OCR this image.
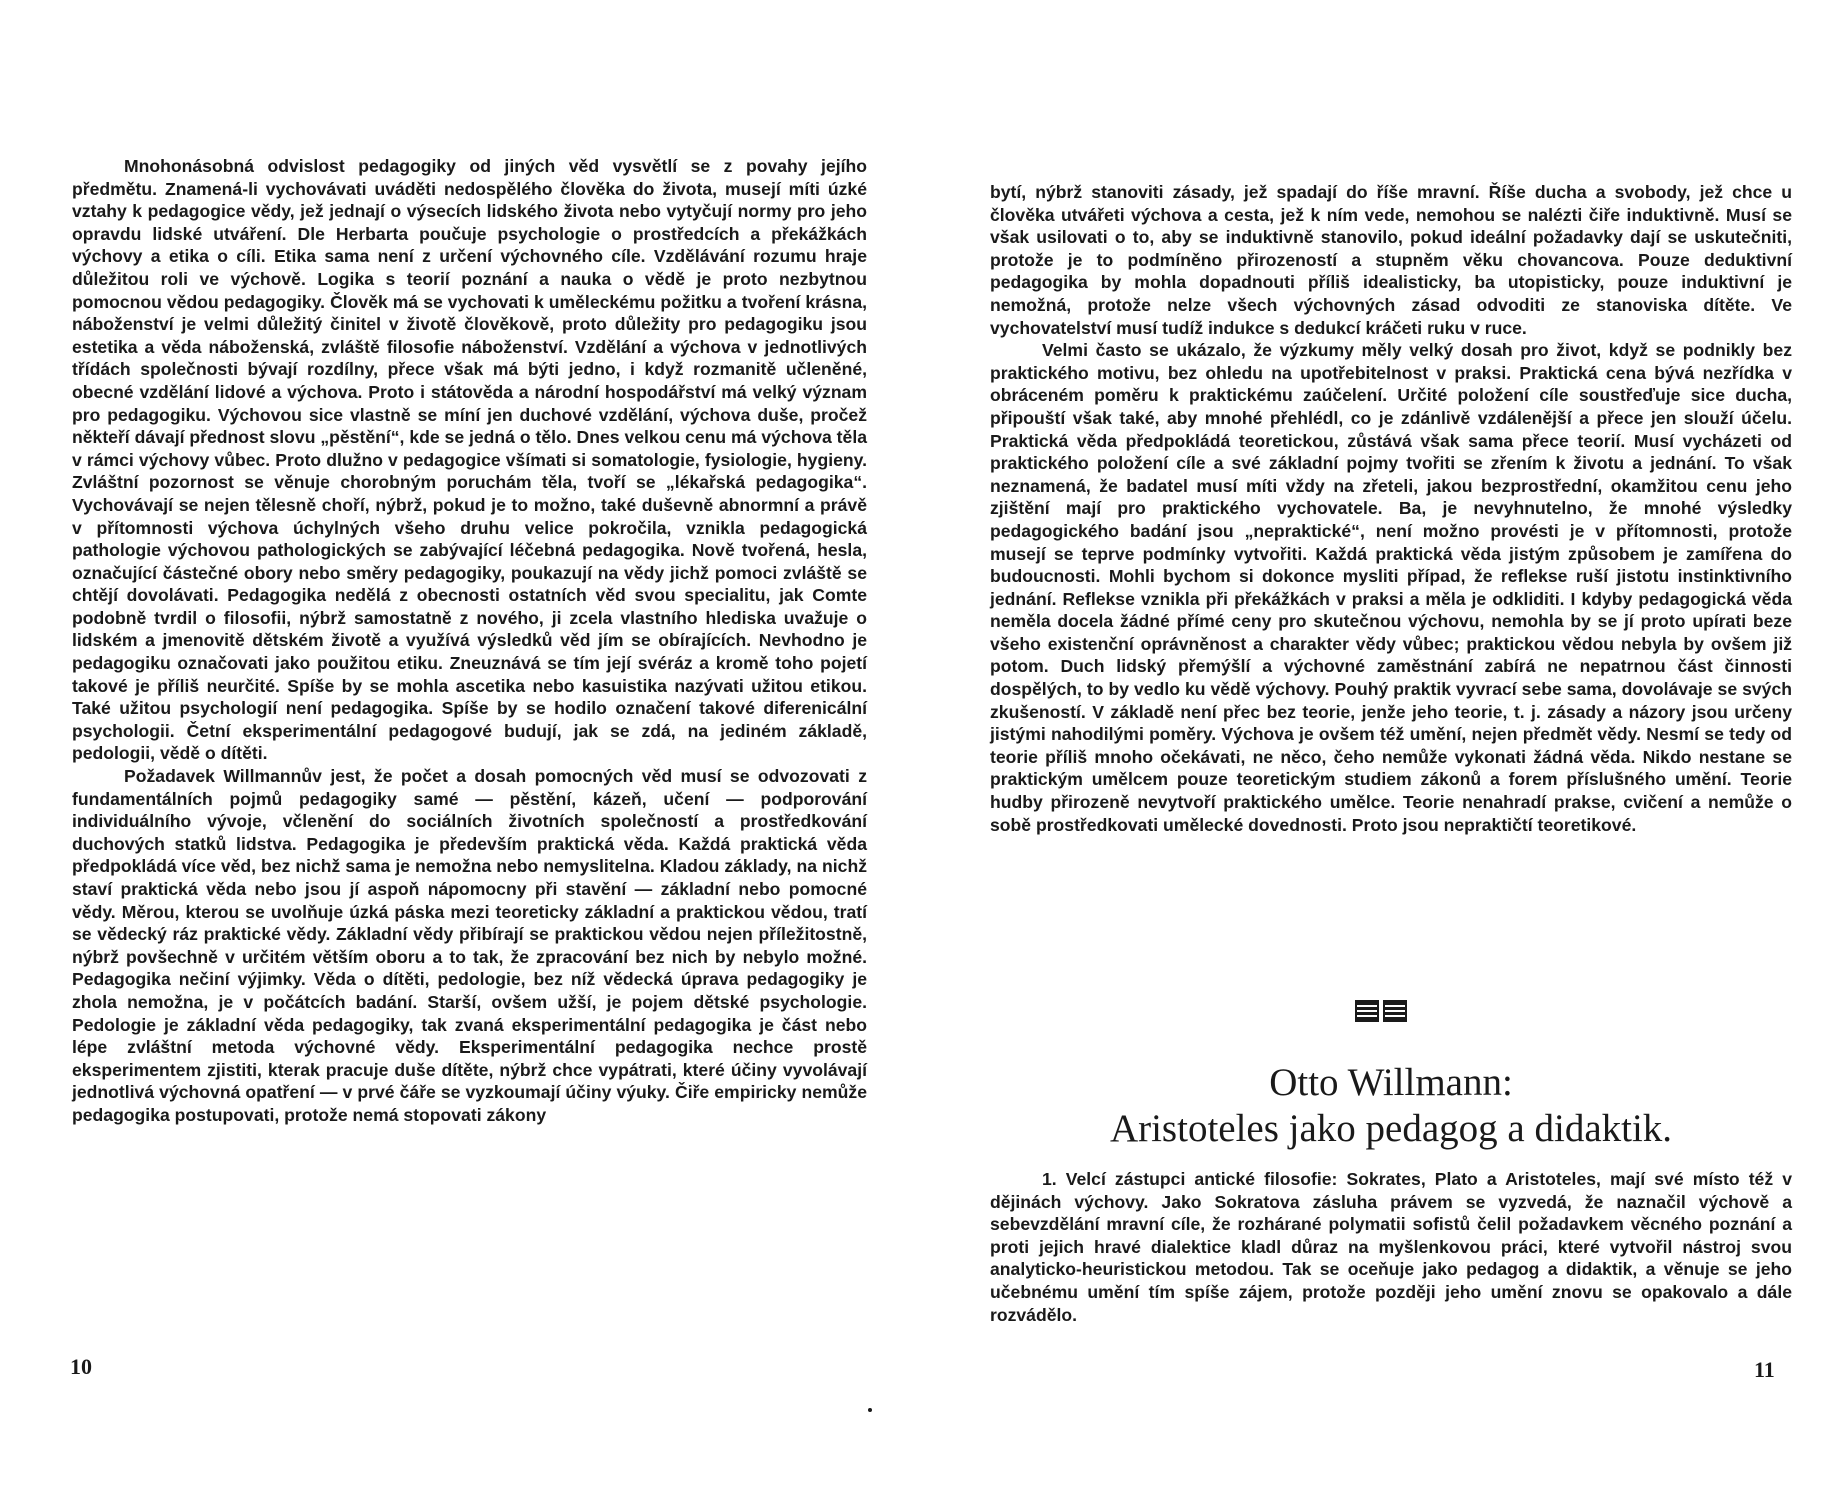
Mnohonásobná odvislost pedagogiky od jiných věd vysvětlí se z povahy jejího předmětu. Znamená-li vychovávati uváděti nedospělého člověka do života, musejí míti úzké vztahy k pedagogice vědy, jež jednají o výsecích lidského života nebo vytyčují normy pro jeho opravdu lidské utváření. Dle Herbarta poučuje psychologie o prostředcích a překážkách výchovy a etika o cíli. Etika sama není z určení výchovného cíle. Vzdělávání rozumu hraje důležitou roli ve výchově. Logika s teorií poznání a nauka o vědě je proto nezbytnou pomocnou vědou pedagogiky. Člověk má se vychovati k uměleckému požitku a tvoření krásna, náboženství je velmi důležitý činitel v životě člověkově, proto důležity pro pedagogiku jsou estetika a věda náboženská, zvláště filosofie náboženství. Vzdělání a výchova v jednotlivých třídách společnosti bývají rozdílny, přece však má býti jedno, i když rozmanitě učleněné, obecné vzdělání lidové a výchova. Proto i státověda a národní hospodářství má velký význam pro pedagogiku. Výchovou sice vlastně se míní jen duchové vzdělání, výchova duše, pročež někteří dávají přednost slovu „pěstění“, kde se jedná o tělo. Dnes velkou cenu má výchova těla v rámci výchovy vůbec. Proto dlužno v pedagogice všímati si somatologie, fysiologie, hygieny. Zvláštní pozornost se věnuje chorobným poruchám těla, tvoří se „lékařská pedagogika“. Vychovávají se nejen tělesně choří, nýbrž, pokud je to možno, také duševně abnormní a právě v přítomnosti výchova úchylných všeho druhu velice pokročila, vznikla pedagogická pathologie výchovou pathologických se zabývající léčebná pedagogika. Nově tvořená, hesla, označující částečné obory nebo směry pedagogiky, poukazují na vědy jichž pomoci zvláště se chtějí dovolávati. Pedagogika nedělá z obecnosti ostatních věd svou specialitu, jak Comte podobně tvrdil o filosofii, nýbrž samostatně z nového, ji zcela vlastního hlediska uvažuje o lidském a jmenovitě dětském životě a využívá výsledků věd jím se obírajících. Nevhodno je pedagogiku označovati jako použitou etiku. Zneuznává se tím její svéráz a kromě toho pojetí takové je příliš neurčité. Spíše by se mohla ascetika nebo kasuistika nazývati užitou etikou. Také užitou psychologií není pedagogika. Spíše by se hodilo označení takové diferenicální psychologii. Četní eksperimentální pedagogové budují, jak se zdá, na jediném základě, pedologii, vědě o dítěti.

Požadavek Willmannův jest, že počet a dosah pomocných věd musí se odvozovati z fundamentálních pojmů pedagogiky samé — pěstění, kázeň, učení — podporování individuálního vývoje, včlenění do sociálních životních společností a prostředkování duchových statků lidstva. Pedagogika je především praktická věda. Každá praktická věda předpokládá více věd, bez nichž sama je nemožna nebo nemyslitelna. Kladou základy, na nichž staví praktická věda nebo jsou jí aspoň nápomocny při stavění — základní nebo pomocné vědy. Měrou, kterou se uvolňuje úzká páska mezi teoreticky základní a praktickou vědou, tratí se vědecký ráz praktické vědy. Základní vědy přibírají se praktickou vědou nejen příležitostně, nýbrž povšechně v určitém větším oboru a to tak, že zpracování bez nich by nebylo možné. Pedagogika nečiní výjimky. Věda o dítěti, pedologie, bez níž vědecká úprava pedagogiky je zhola nemožna, je v počátcích badání. Starší, ovšem užší, je pojem dětské psychologie. Pedologie je základní věda pedagogiky, tak zvaná eksperimentální pedagogika je část nebo lépe zvláštní metoda výchovné vědy. Eksperimentální pedagogika nechce prostě eksperimentem zjistiti, kterak pracuje duše dítěte, nýbrž chce vypátrati, které účiny vyvolávají jednotlivá výchovná opatření — v prvé čáře se vyzkoumají účiny výuky. Čiře empiricky nemůže pedagogika postupovati, protože nemá stopovati zákony

10

bytí, nýbrž stanoviti zásady, jež spadají do říše mravní. Říše ducha a svobody, jež chce u člověka utvářeti výchova a cesta, jež k ním vede, nemohou se nalézti čiře induktivně. Musí se však usilovati o to, aby se induktivně stanovilo, pokud ideální požadavky dají se uskutečniti, protože je to podmíněno přirozeností a stupněm věku chovancova. Pouze deduktivní pedagogika by mohla dopadnouti příliš idealisticky, ba utopisticky, pouze induktivní je nemožná, protože nelze všech výchovných zásad odvoditi ze stanoviska dítěte. Ve vychovatelství musí tudíž indukce s dedukcí kráčeti ruku v ruce.

Velmi často se ukázalo, že výzkumy měly velký dosah pro život, když se podnikly bez praktického motivu, bez ohledu na upotřebitelnost v praksi. Praktická cena bývá nezřídka v obráceném poměru k praktickému zaúčelení. Určité položení cíle soustřeďuje sice ducha, připouští však také, aby mnohé přehlédl, co je zdánlivě vzdálenější a přece jen slouží účelu. Praktická věda předpokládá teoretickou, zůstává však sama přece teorií. Musí vycházeti od praktického položení cíle a své základní pojmy tvořiti se zřením k životu a jednání. To však neznamená, že badatel musí míti vždy na zřeteli, jakou bezprostřední, okamžitou cenu jeho zjištění mají pro praktického vychovatele. Ba, je nevyhnutelno, že mnohé výsledky pedagogického badání jsou „nepraktické“, není možno provésti je v přítomnosti, protože musejí se teprve podmínky vytvořiti. Každá praktická věda jistým způsobem je zamířena do budoucnosti. Mohli bychom si dokonce mysliti případ, že reflekse ruší jistotu instinktivního jednání. Reflekse vznikla při překážkách v praksi a měla je odkliditi. I kdyby pedagogická věda neměla docela žádné přímé ceny pro skutečnou výchovu, nemohla by se jí proto upírati beze všeho existenční oprávněnost a charakter vědy vůbec; praktickou vědou nebyla by ovšem již potom. Duch lidský přemýšlí a výchovné zaměstnání zabírá ne nepatrnou část činnosti dospělých, to by vedlo ku vědě výchovy. Pouhý praktik vyvrací sebe sama, dovolávaje se svých zkušeností. V základě není přec bez teorie, jenže jeho teorie, t. j. zásady a názory jsou určeny jistými nahodilými poměry. Výchova je ovšem též umění, nejen předmět vědy. Nesmí se tedy od teorie příliš mnoho očekávati, ne něco, čeho nemůže vykonati žádná věda. Nikdo nestane se praktickým umělcem pouze teoretickým studiem zákonů a forem příslušného umění. Teorie hudby přirozeně nevytvoří praktického umělce. Teorie nenahradí prakse, cvičení a nemůže o sobě prostředkovati umělecké dovednosti. Proto jsou nepraktičtí teoretikové.

Otto Willmann:
Aristoteles jako pedagog a didaktik.

1. Velcí zástupci antické filosofie: Sokrates, Plato a Aristoteles, mají své místo též v dějinách výchovy. Jako Sokratova zásluha právem se vyzvedá, že naznačil výchově a sebevzdělání mravní cíle, že rozhárané polymatii sofistů čelil požadavkem věcného poznání a proti jejich hravé dialektice kladl důraz na myšlenkovou práci, které vytvořil nástroj svou analyticko-heuristickou metodou. Tak se oceňuje jako pedagog a didaktik, a věnuje se jeho učebnému umění tím spíše zájem, protože později jeho umění znovu se opakovalo a dále rozvádělo.

11
